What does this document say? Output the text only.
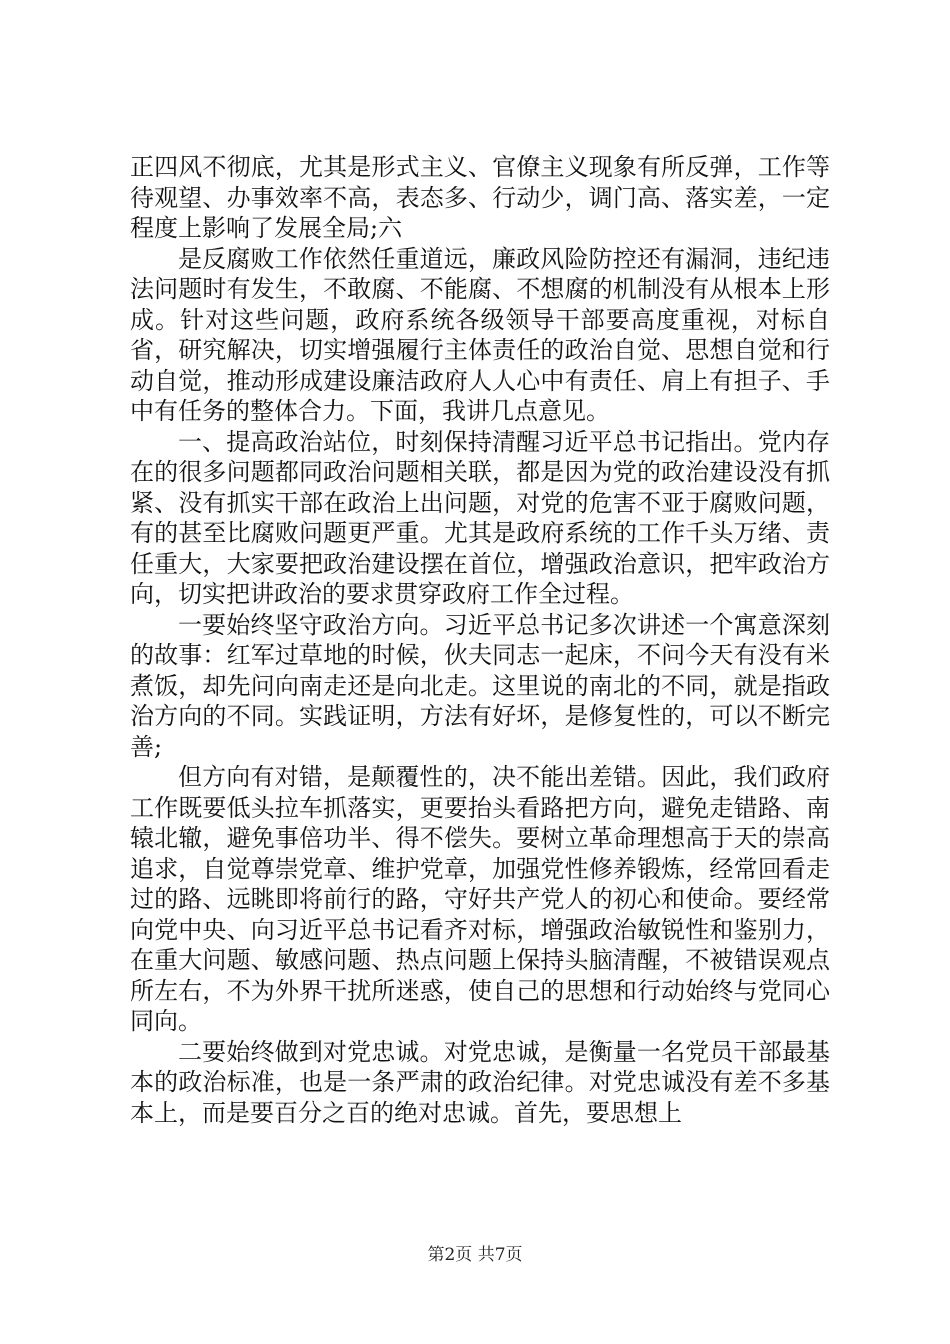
正四风不彻底，尤其是形式主义、官僚主义现象有所反弹，工作等待观望、办事效率不高，表态多、行动少，调门高、落实差，一定程度上影响了发展全局;六

是反腐败工作依然任重道远，廉政风险防控还有漏洞，违纪违法问题时有发生，不敢腐、不能腐、不想腐的机制没有从根本上形成。针对这些问题，政府系统各级领导干部要高度重视，对标自省，研究解决，切实增强履行主体责任的政治自觉、思想自觉和行动自觉，推动形成建设廉洁政府人人心中有责任、肩上有担子、手中有任务的整体合力。下面，我讲几点意见。

一、提高政治站位，时刻保持清醒习近平总书记指出。党内存在的很多问题都同政治问题相关联，都是因为党的政治建设没有抓紧、没有抓实干部在政治上出问题，对党的危害不亚于腐败问题，有的甚至比腐败问题更严重。尤其是政府系统的工作千头万绪、责任重大，大家要把政治建设摆在首位，增强政治意识，把牢政治方向，切实把讲政治的要求贯穿政府工作全过程。

一要始终坚守政治方向。习近平总书记多次讲述一个寓意深刻的故事：红军过草地的时候，伙夫同志一起床，不问今天有没有米煮饭，却先问向南走还是向北走。这里说的南北的不同，就是指政治方向的不同。实践证明，方法有好坏，是修复性的，可以不断完善;

但方向有对错，是颠覆性的，决不能出差错。因此，我们政府工作既要低头拉车抓落实，更要抬头看路把方向，避免走错路、南辕北辙，避免事倍功半、得不偿失。要树立革命理想高于天的崇高追求，自觉尊崇党章、维护党章，加强党性修养锻炼，经常回看走过的路、远眺即将前行的路，守好共产党人的初心和使命。要经常向党中央、向习近平总书记看齐对标，增强政治敏锐性和鉴别力，在重大问题、敏感问题、热点问题上保持头脑清醒，不被错误观点所左右，不为外界干扰所迷惑，使自己的思想和行动始终与党同心同向。

二要始终做到对党忠诚。对党忠诚，是衡量一名党员干部最基本的政治标准，也是一条严肃的政治纪律。对党忠诚没有差不多基本上，而是要百分之百的绝对忠诚。首先，要思想上

第2页 共7页
